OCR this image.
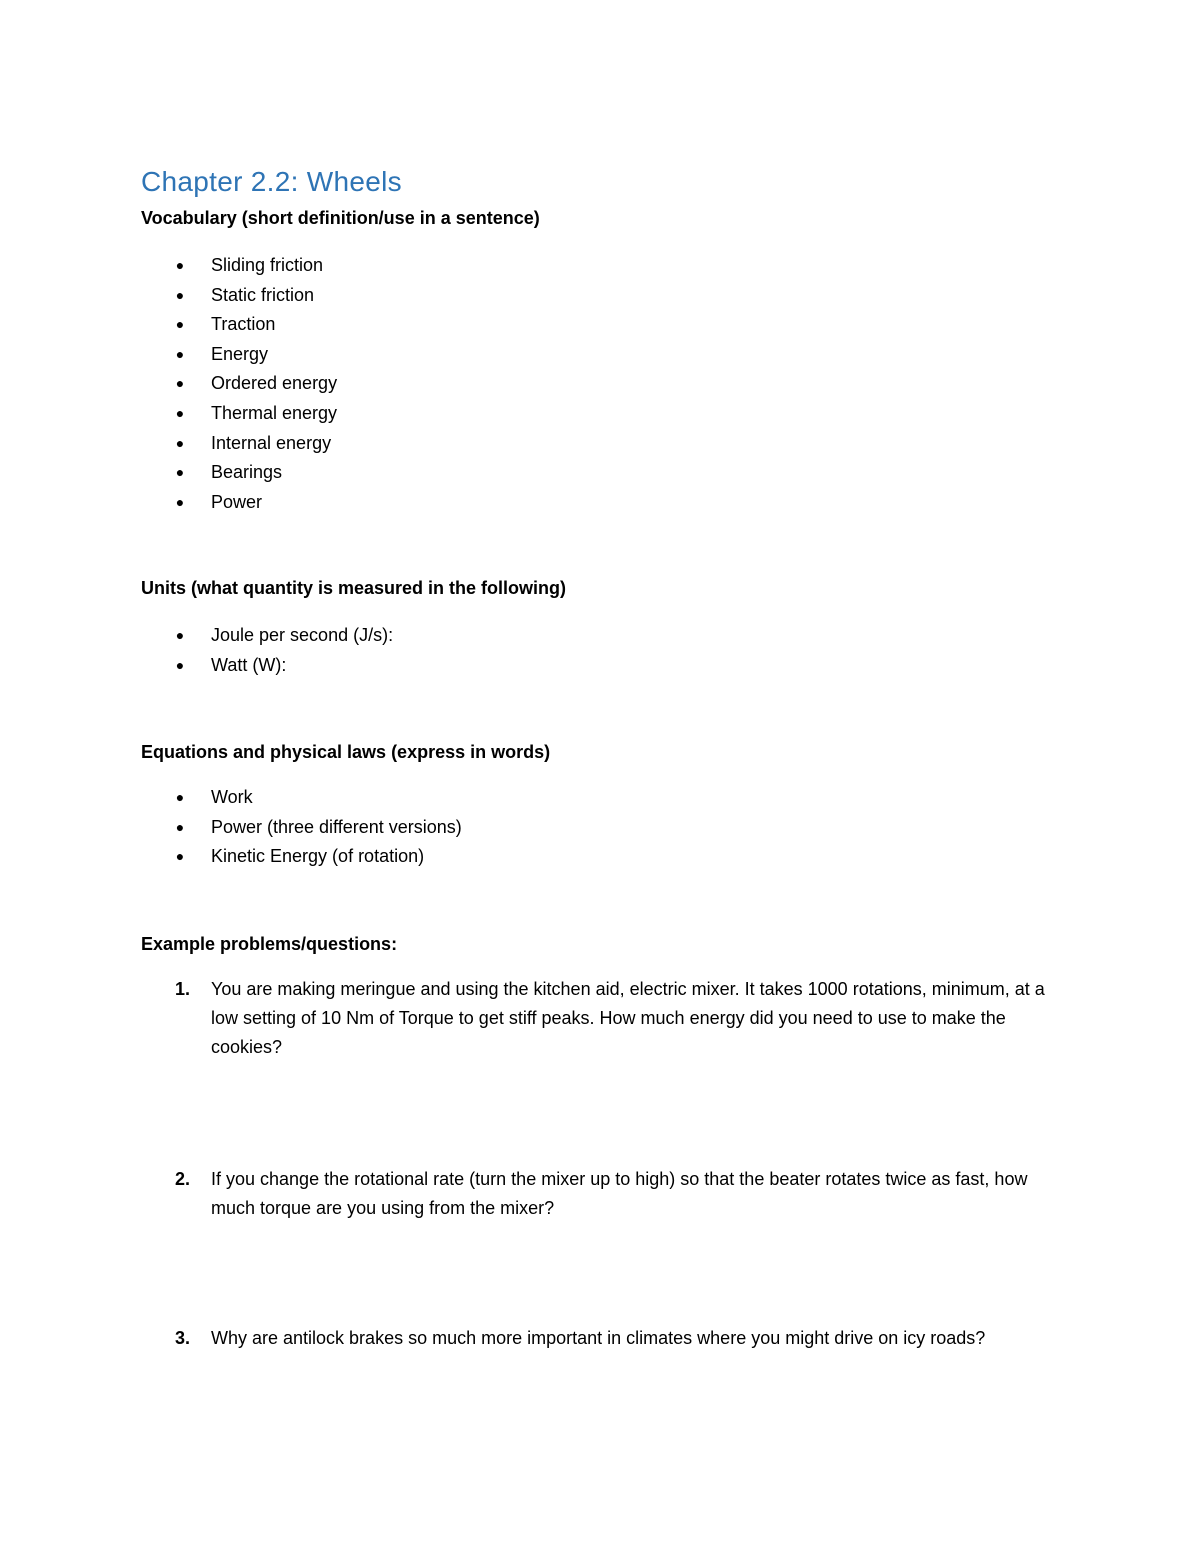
Chapter 2.2: Wheels
Vocabulary (short definition/use in a sentence)
● Sliding friction
● Static friction
● Traction
● Energy
● Ordered energy
● Thermal energy
● Internal energy
● Bearings
● Power
Units (what quantity is measured in the following)
● Joule per second (J/s):
● Watt (W):
Equations and physical laws (express in words)
● Work
● Power (three different versions)
● Kinetic Energy (of rotation)
Example problems/questions:
1. You are making meringue and using the kitchen aid, electric mixer. It takes 1000 rotations, minimum, at a low setting of 10 Nm of Torque to get stiff peaks. How much energy did you need to use to make the cookies?
2. If you change the rotational rate (turn the mixer up to high) so that the beater rotates twice as fast, how much torque are you using from the mixer?
3. Why are antilock brakes so much more important in climates where you might drive on icy roads?
